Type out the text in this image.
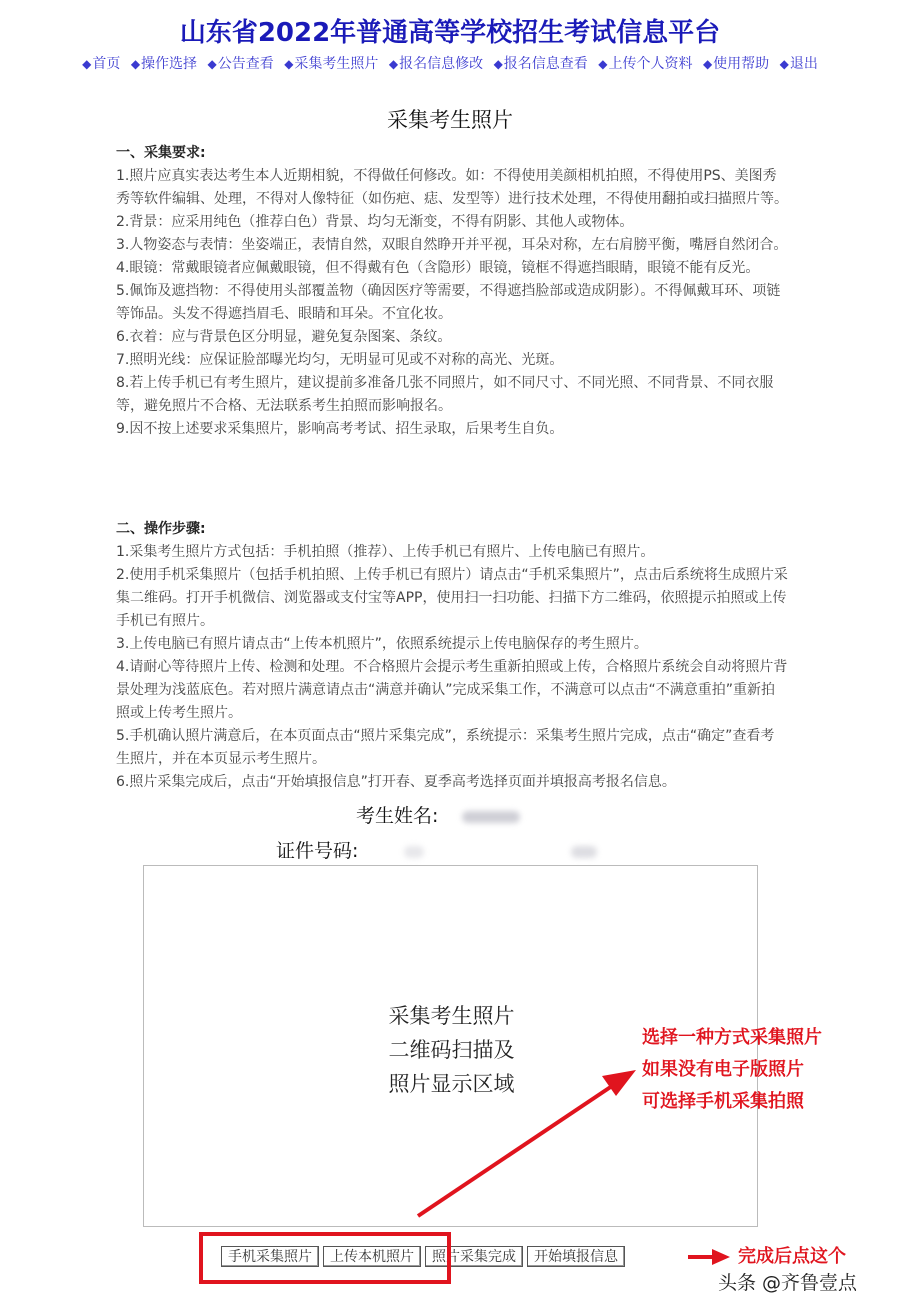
山东省2022年普通高等学校招生考试信息平台
◆首页 ◆操作选择 ◆公告查看 ◆采集考生照片 ◆报名信息修改 ◆报名信息查看 ◆上传个人资料 ◆使用帮助 ◆退出
采集考生照片

一、采集要求:

1.照片应真实表达考生本人近期相貌，不得做任何修改。如：不得使用美颜相机拍照，不得使用PS、美图秀秀等软件编辑、处理，不得对人像特征（如伤疤、痣、发型等）进行技术处理，不得使用翻拍或扫描照片等。

2.背景：应采用纯色（推荐白色）背景、均匀无渐变，不得有阴影、其他人或物体。

3.人物姿态与表情：坐姿端正，表情自然，双眼自然睁开并平视，耳朵对称，左右肩膀平衡，嘴唇自然闭合。

4.眼镜：常戴眼镜者应佩戴眼镜，但不得戴有色（含隐形）眼镜，镜框不得遮挡眼睛，眼镜不能有反光。

5.佩饰及遮挡物：不得使用头部覆盖物（确因医疗等需要，不得遮挡脸部或造成阴影）。不得佩戴耳环、项链等饰品。头发不得遮挡眉毛、眼睛和耳朵。不宜化妆。

6.衣着：应与背景色区分明显，避免复杂图案、条纹。

7.照明光线：应保证脸部曝光均匀，无明显可见或不对称的高光、光斑。

8.若上传手机已有考生照片，建议提前多准备几张不同照片，如不同尺寸、不同光照、不同背景、不同衣服等，避免照片不合格、无法联系考生拍照而影响报名。

9.因不按上述要求采集照片，影响高考考试、招生录取，后果考生自负。

二、操作步骤:

1.采集考生照片方式包括：手机拍照（推荐）、上传手机已有照片、上传电脑已有照片。

2.使用手机采集照片（包括手机拍照、上传手机已有照片）请点击“手机采集照片”，点击后系统将生成照片采集二维码。打开手机微信、浏览器或支付宝等APP，使用扫一扫功能、扫描下方二维码，依照提示拍照或上传手机已有照片。

3.上传电脑已有照片请点击“上传本机照片”，依照系统提示上传电脑保存的考生照片。

4.请耐心等待照片上传、检测和处理。不合格照片会提示考生重新拍照或上传，合格照片系统会自动将照片背景处理为浅蓝底色。若对照片满意请点击“满意并确认”完成采集工作，不满意可以点击“不满意重拍”重新拍照或上传考生照片。

5.手机确认照片满意后，在本页面点击“照片采集完成”，系统提示：采集考生照片完成，点击“确定”查看考生照片，并在本页显示考生照片。

6.照片采集完成后，点击“开始填报信息”打开春、夏季高考选择页面并填报高考报名信息。

考生姓名:
证件号码:
采集考生照片
二维码扫描及
照片显示区域
手机采集照片	上传本机照片	照片采集完成	开始填报信息
选择一种方式采集照片
如果没有电子版照片
可选择手机采集拍照
完成后点这个
头条 @齐鲁壹点
